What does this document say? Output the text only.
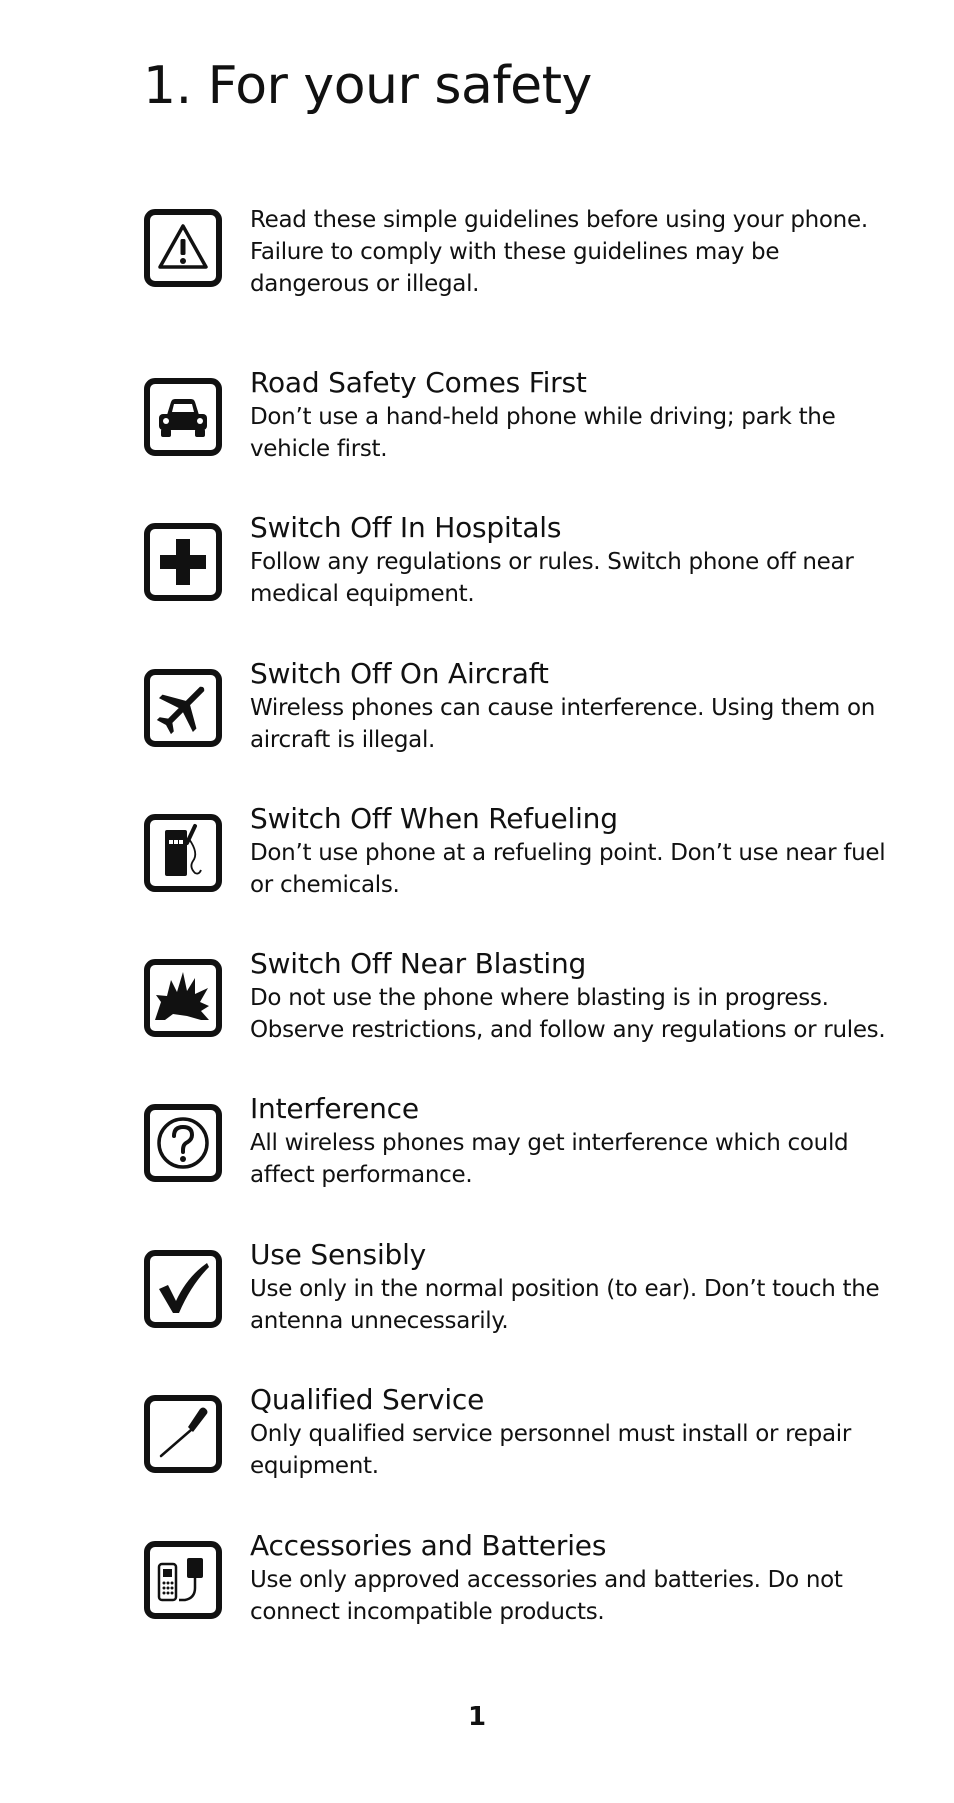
1. For your safety

Read these simple guidelines before using your phone. Failure to comply with these guidelines may be dangerous or illegal.

Road Safety Comes First

Don’t use a hand-held phone while driving; park the vehicle first.

Switch Off In Hospitals

Follow any regulations or rules. Switch phone off near medical equipment.

Switch Off On Aircraft

Wireless phones can cause interference. Using them on aircraft is illegal.

Switch Off When Refueling

Don’t use phone at a refueling point. Don’t use near fuel or chemicals.

Switch Off Near Blasting

Do not use the phone where blasting is in progress. Observe restrictions, and follow any regulations or rules.

Interference

All wireless phones may get interference which could affect performance.

Use Sensibly

Use only in the normal position (to ear). Don’t touch the antenna unnecessarily.

Qualified Service

Only qualified service personnel must install or repair equipment.

Accessories and Batteries

Use only approved accessories and batteries. Do not connect incompatible products.

1
